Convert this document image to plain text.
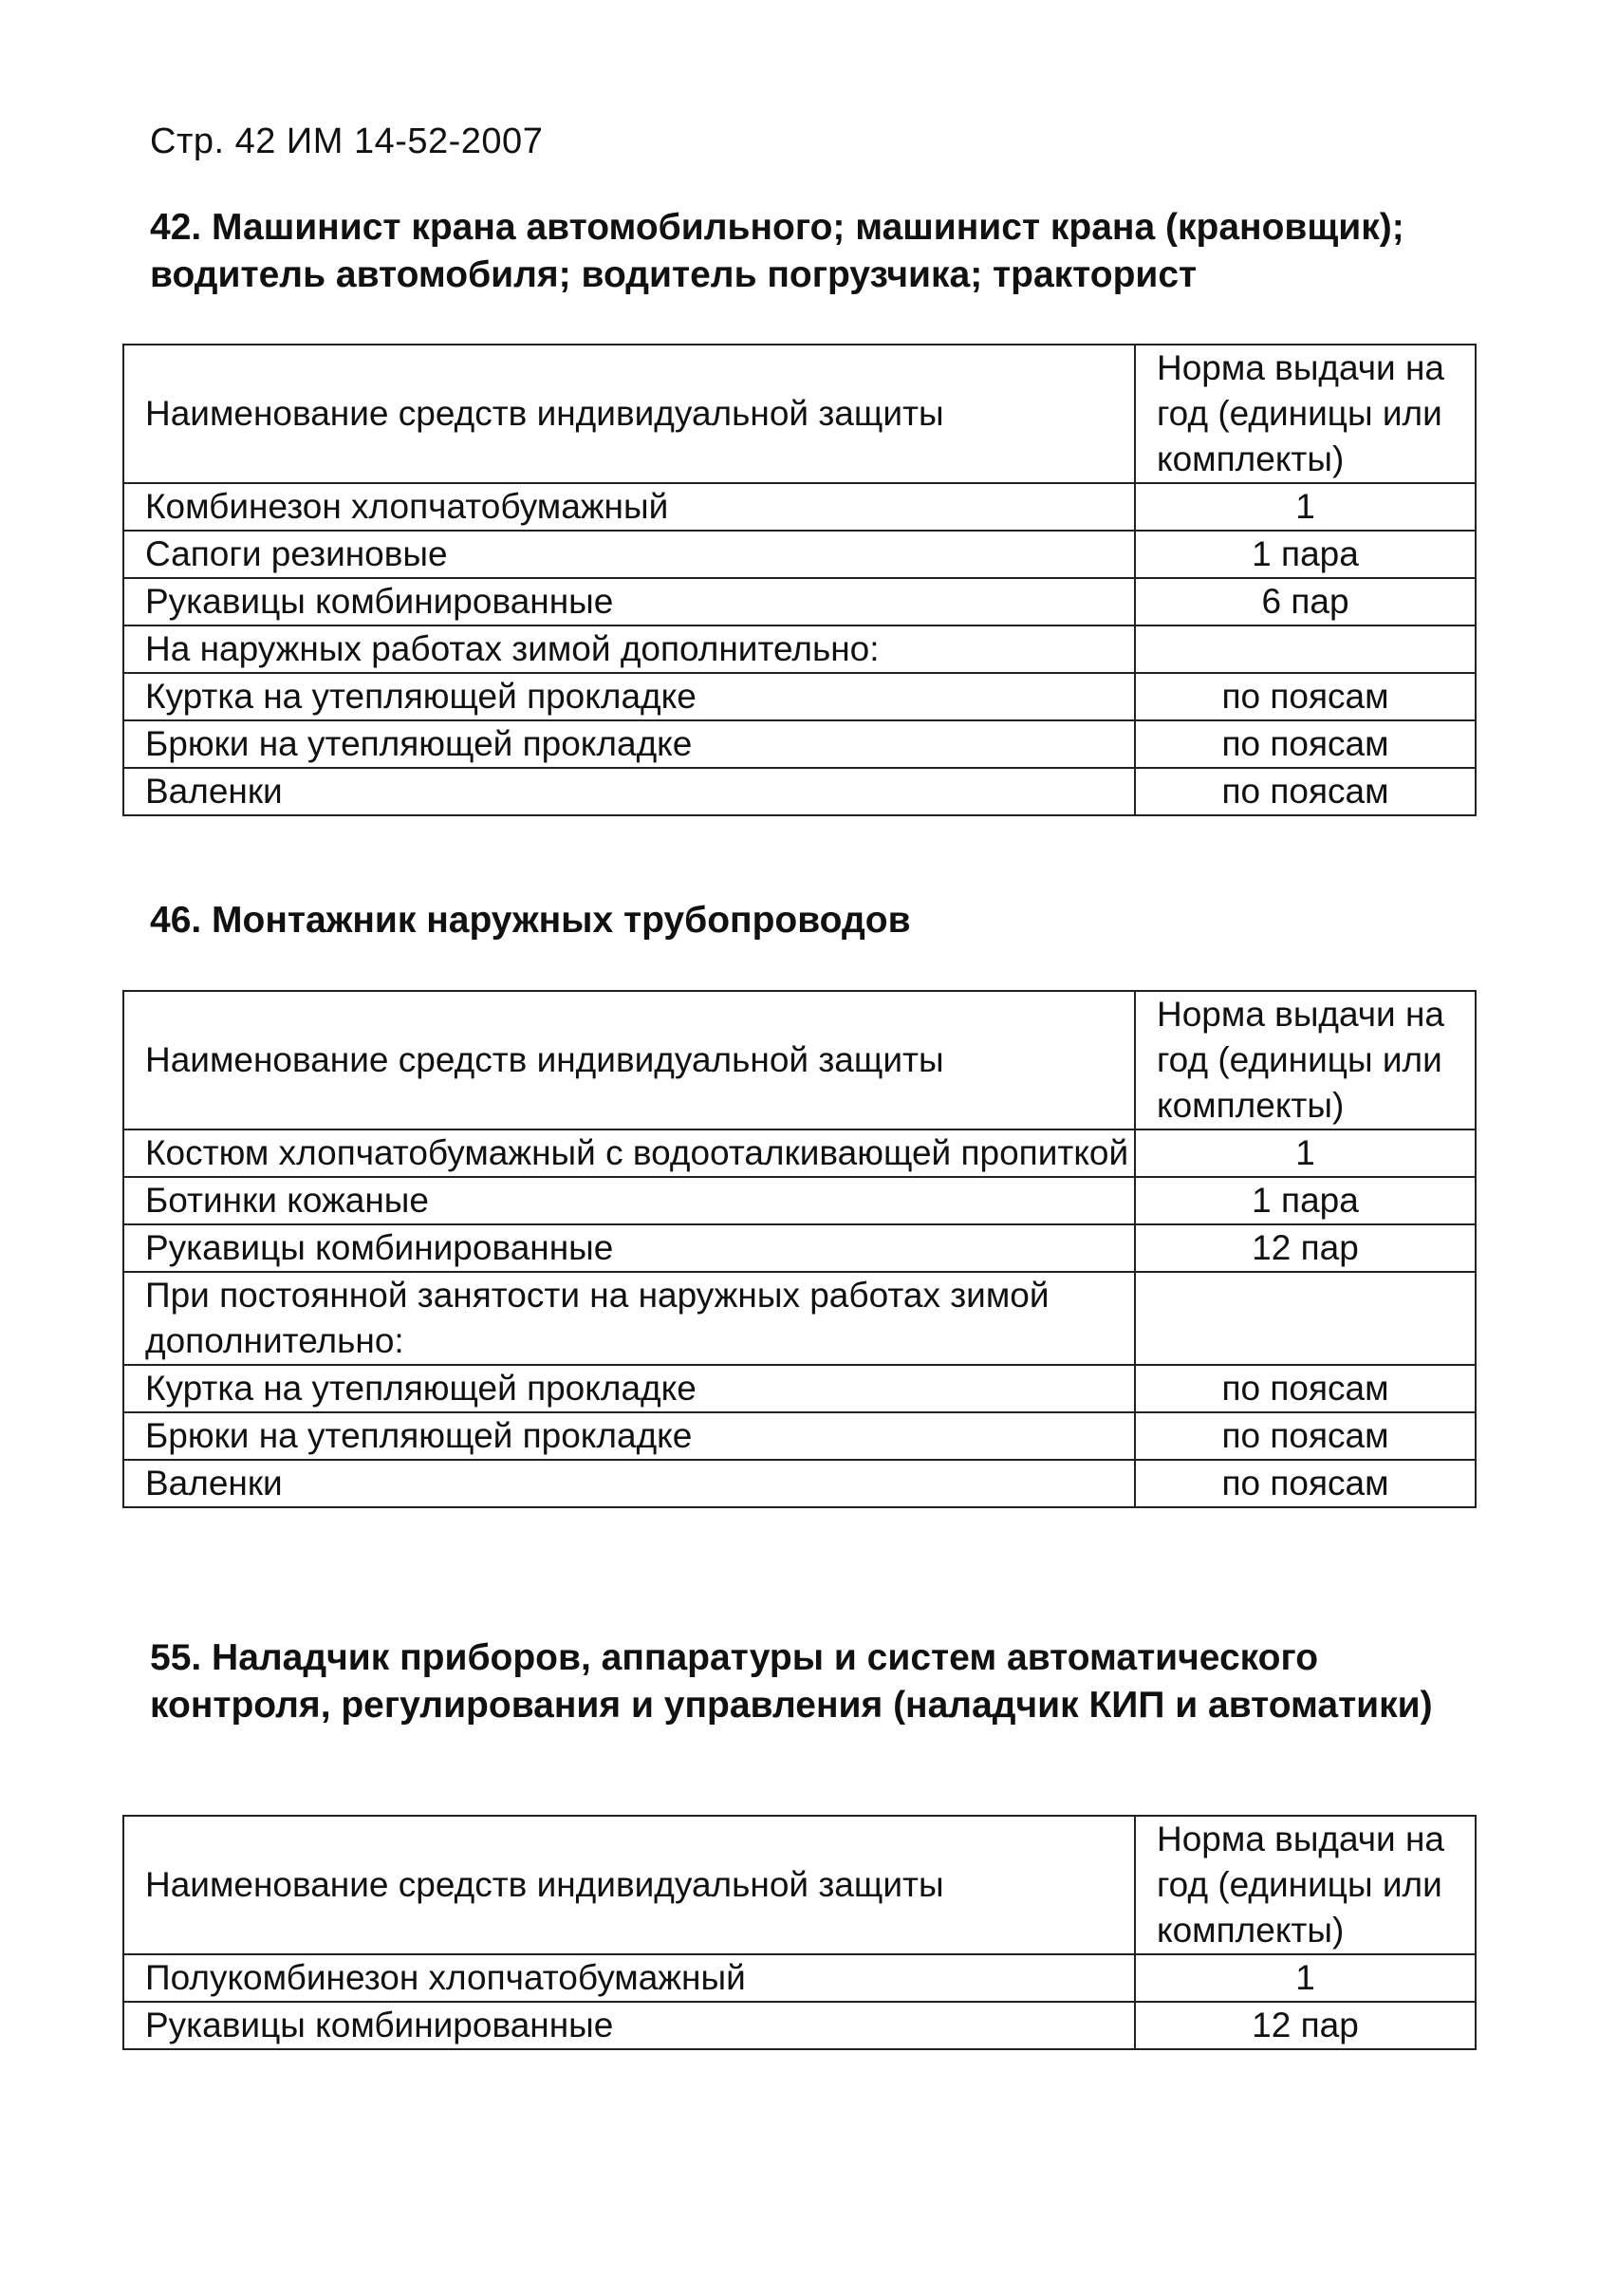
Стр. 42 ИМ 14-52-2007
42. Машинист крана автомобильного; машинист крана (крановщик); водитель автомобиля; водитель погрузчика; тракторист
Наименование средств индивидуальной защиты	Норма выдачи на год (единицы или комплекты)
Комбинезон хлопчатобумажный	1
Сапоги резиновые	1 пара
Рукавицы комбинированные	6 пар
На наружных работах зимой дополнительно:	
Куртка на утепляющей прокладке	по поясам
Брюки на утепляющей прокладке	по поясам
Валенки	по поясам
46. Монтажник наружных трубопроводов
Наименование средств индивидуальной защиты	Норма выдачи на год (единицы или комплекты)
Костюм хлопчатобумажный с водооталкивающей пропиткой	1
Ботинки кожаные	1 пара
Рукавицы комбинированные	12 пар
При постоянной занятости на наружных работах зимой дополнительно:	
Куртка на утепляющей прокладке	по поясам
Брюки на утепляющей прокладке	по поясам
Валенки	по поясам
55. Наладчик приборов, аппаратуры и систем автоматического контроля, регулирования и управления (наладчик КИП и автоматики)
Наименование средств индивидуальной защиты	Норма выдачи на год (единицы или комплекты)
Полукомбинезон хлопчатобумажный	1
Рукавицы комбинированные	12 пар
